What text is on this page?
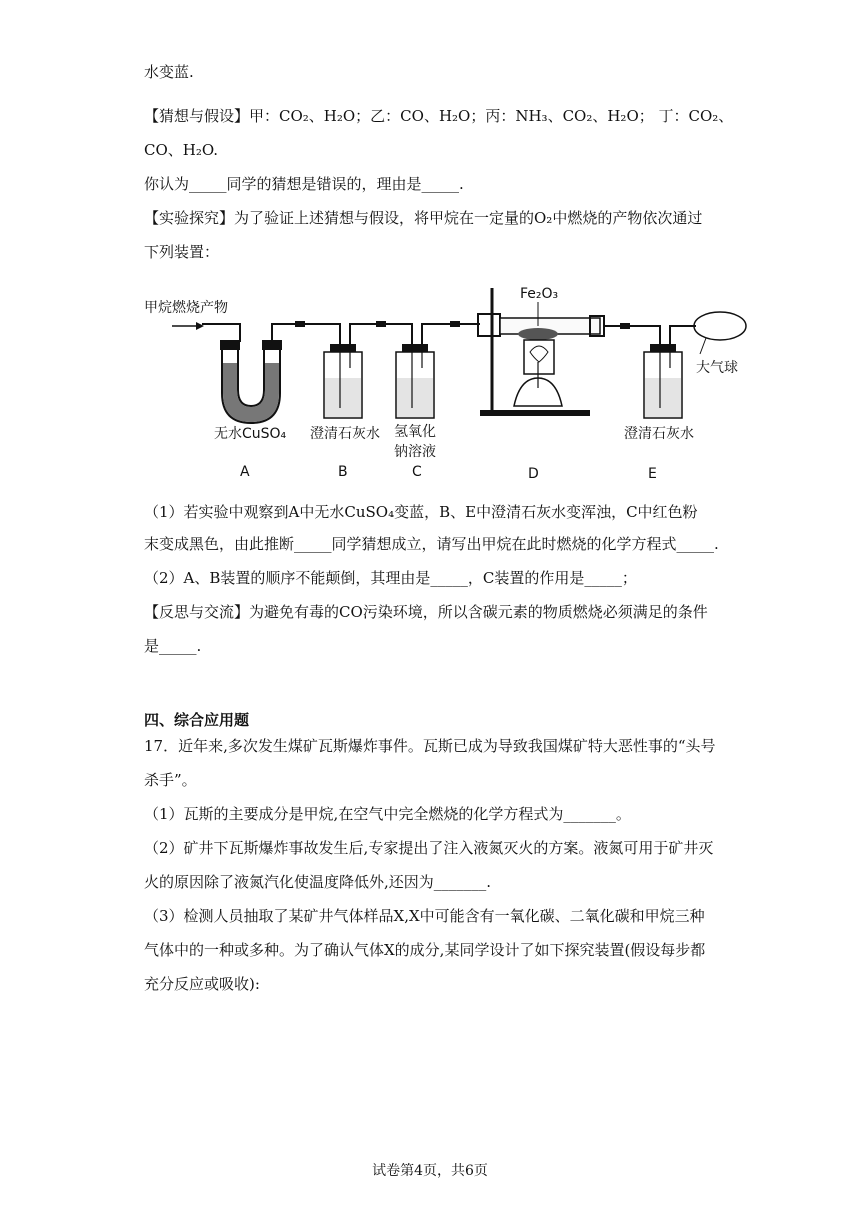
水变蓝.
【猜想与假设】甲：CO₂、H₂O；乙：CO、H₂O；丙：NH₃、CO₂、H₂O； 丁：CO₂、
CO、H₂O.
你认为_____同学的猜想是错误的，理由是_____.
【实验探究】为了验证上述猜想与假设，将甲烷在一定量的O₂中燃烧的产物依次通过
下列装置：
甲烷燃烧产物
Fe₂O₃
大气球
无水CuSO₄ 澄清石灰水 氢氧化
钠溶液
澄清石灰水
A	B	C	D	E
（1）若实验中观察到A中无水CuSO₄变蓝，B、E中澄清石灰水变浑浊，C中红色粉
末变成黑色，由此推断_____同学猜想成立，请写出甲烷在此时燃烧的化学方程式_____.
（2）A、B装置的顺序不能颠倒，其理由是_____，C装置的作用是_____；
【反思与交流】为避免有毒的CO污染环境，所以含碳元素的物质燃烧必须满足的条件
是_____.
四、综合应用题
17．近年来,多次发生煤矿瓦斯爆炸事件。瓦斯已成为导致我国煤矿特大恶性事的“头号
杀手”。
（1）瓦斯的主要成分是甲烷,在空气中完全燃烧的化学方程式为_______。
（2）矿井下瓦斯爆炸事故发生后,专家提出了注入液氮灭火的方案。液氮可用于矿井灭
火的原因除了液氮汽化使温度降低外,还因为_______.
（3）检测人员抽取了某矿井气体样品X,X中可能含有一氧化碳、二氧化碳和甲烷三种
气体中的一种或多种。为了确认气体X的成分,某同学设计了如下探究装置(假设每步都
充分反应或吸收):
试卷第4页，共6页
